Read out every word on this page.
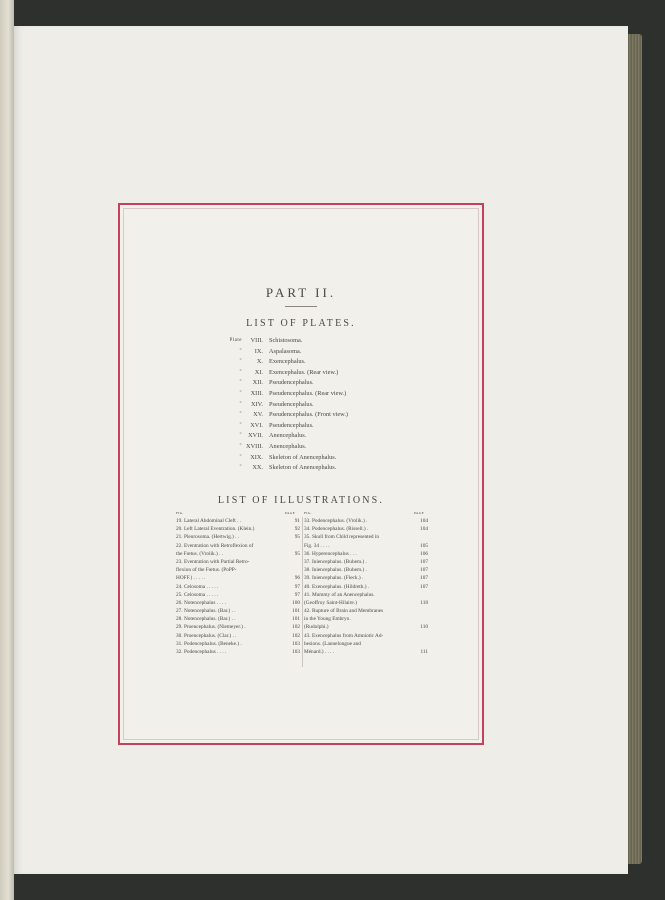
PART II.
LIST OF PLATES.
Plate	VIII. Schistosoma.
"	IX. Aspalasoma.
"	X. Exencephalus.
"	XI. Exencephalus. (Rear view.)
"	XII. Pseudencephalus.
"	XIII. Pseudencephalus. (Rear view.)
"	XIV. Pseudencephalus.
"	XV. Pseudencephalus. (Front view.)
"	XVI. Pseudencephalus.
" XVII. Anencephalus.
" XVIII. Anencephalus.
"	XIX. Skeleton of Anencephalus.
"	XX. Skeleton of Anencephalus.
LIST OF ILLUSTRATIONS.
FIG.	PAGE	FIG.	PAGE
19. Lateral Abdominal Cleft . .	91
20. Left Lateral Eventration. (Klein.)	92
21. Pleurosoma. (Hertwig.) . .	95
22. Eventration with Retroflexion of
the Fœtus. (Vrolik.) . .	95
23. Eventration with Partial Retro-
flexion of the Fœtus. (PoPP-
HOFF.) . . . . .	96
24. Celosoma . . . . .	97
25. Celosoma . . . . .	97
26. Notencephalus . . . .	100
27. Notencephalus. (Bar.) . .	101
28. Notencephalus. (Bar.) . .	101
29. Proencephalus. (Niemeyer.) .	102
30. Proencephalus. (Clar.) . .	102
31. Podencephalus. (Beneke.) .	103
32. Podencephalus . . . .	103
33. Podencephalus. (Vrolik.) .	104
34. Podencephalus. (Rissell.) .	104
35. Skull from Child represented in
Fig. 34 . . . .	105
36. Hyperencephalus . . .	106
37. Iniencephalus. (Buhem.) .	107
38. Iniencephalus. (Buhem.) .	107
39. Iniencephalus. (Fleck.) .	107
40. Exencephalus. (Hildreth.) .	107
41. Mummy of an Anencephalus.
(Geoffroy Saint-Hilaire.)	118
42. Rupture of Brain and Membranes
in the Young Embryo.
(Rudolphi.)	110
43. Exencephalus from Amniotic Ad-
hesions. (Lannelongue and
Ménard.) . . . .	111
